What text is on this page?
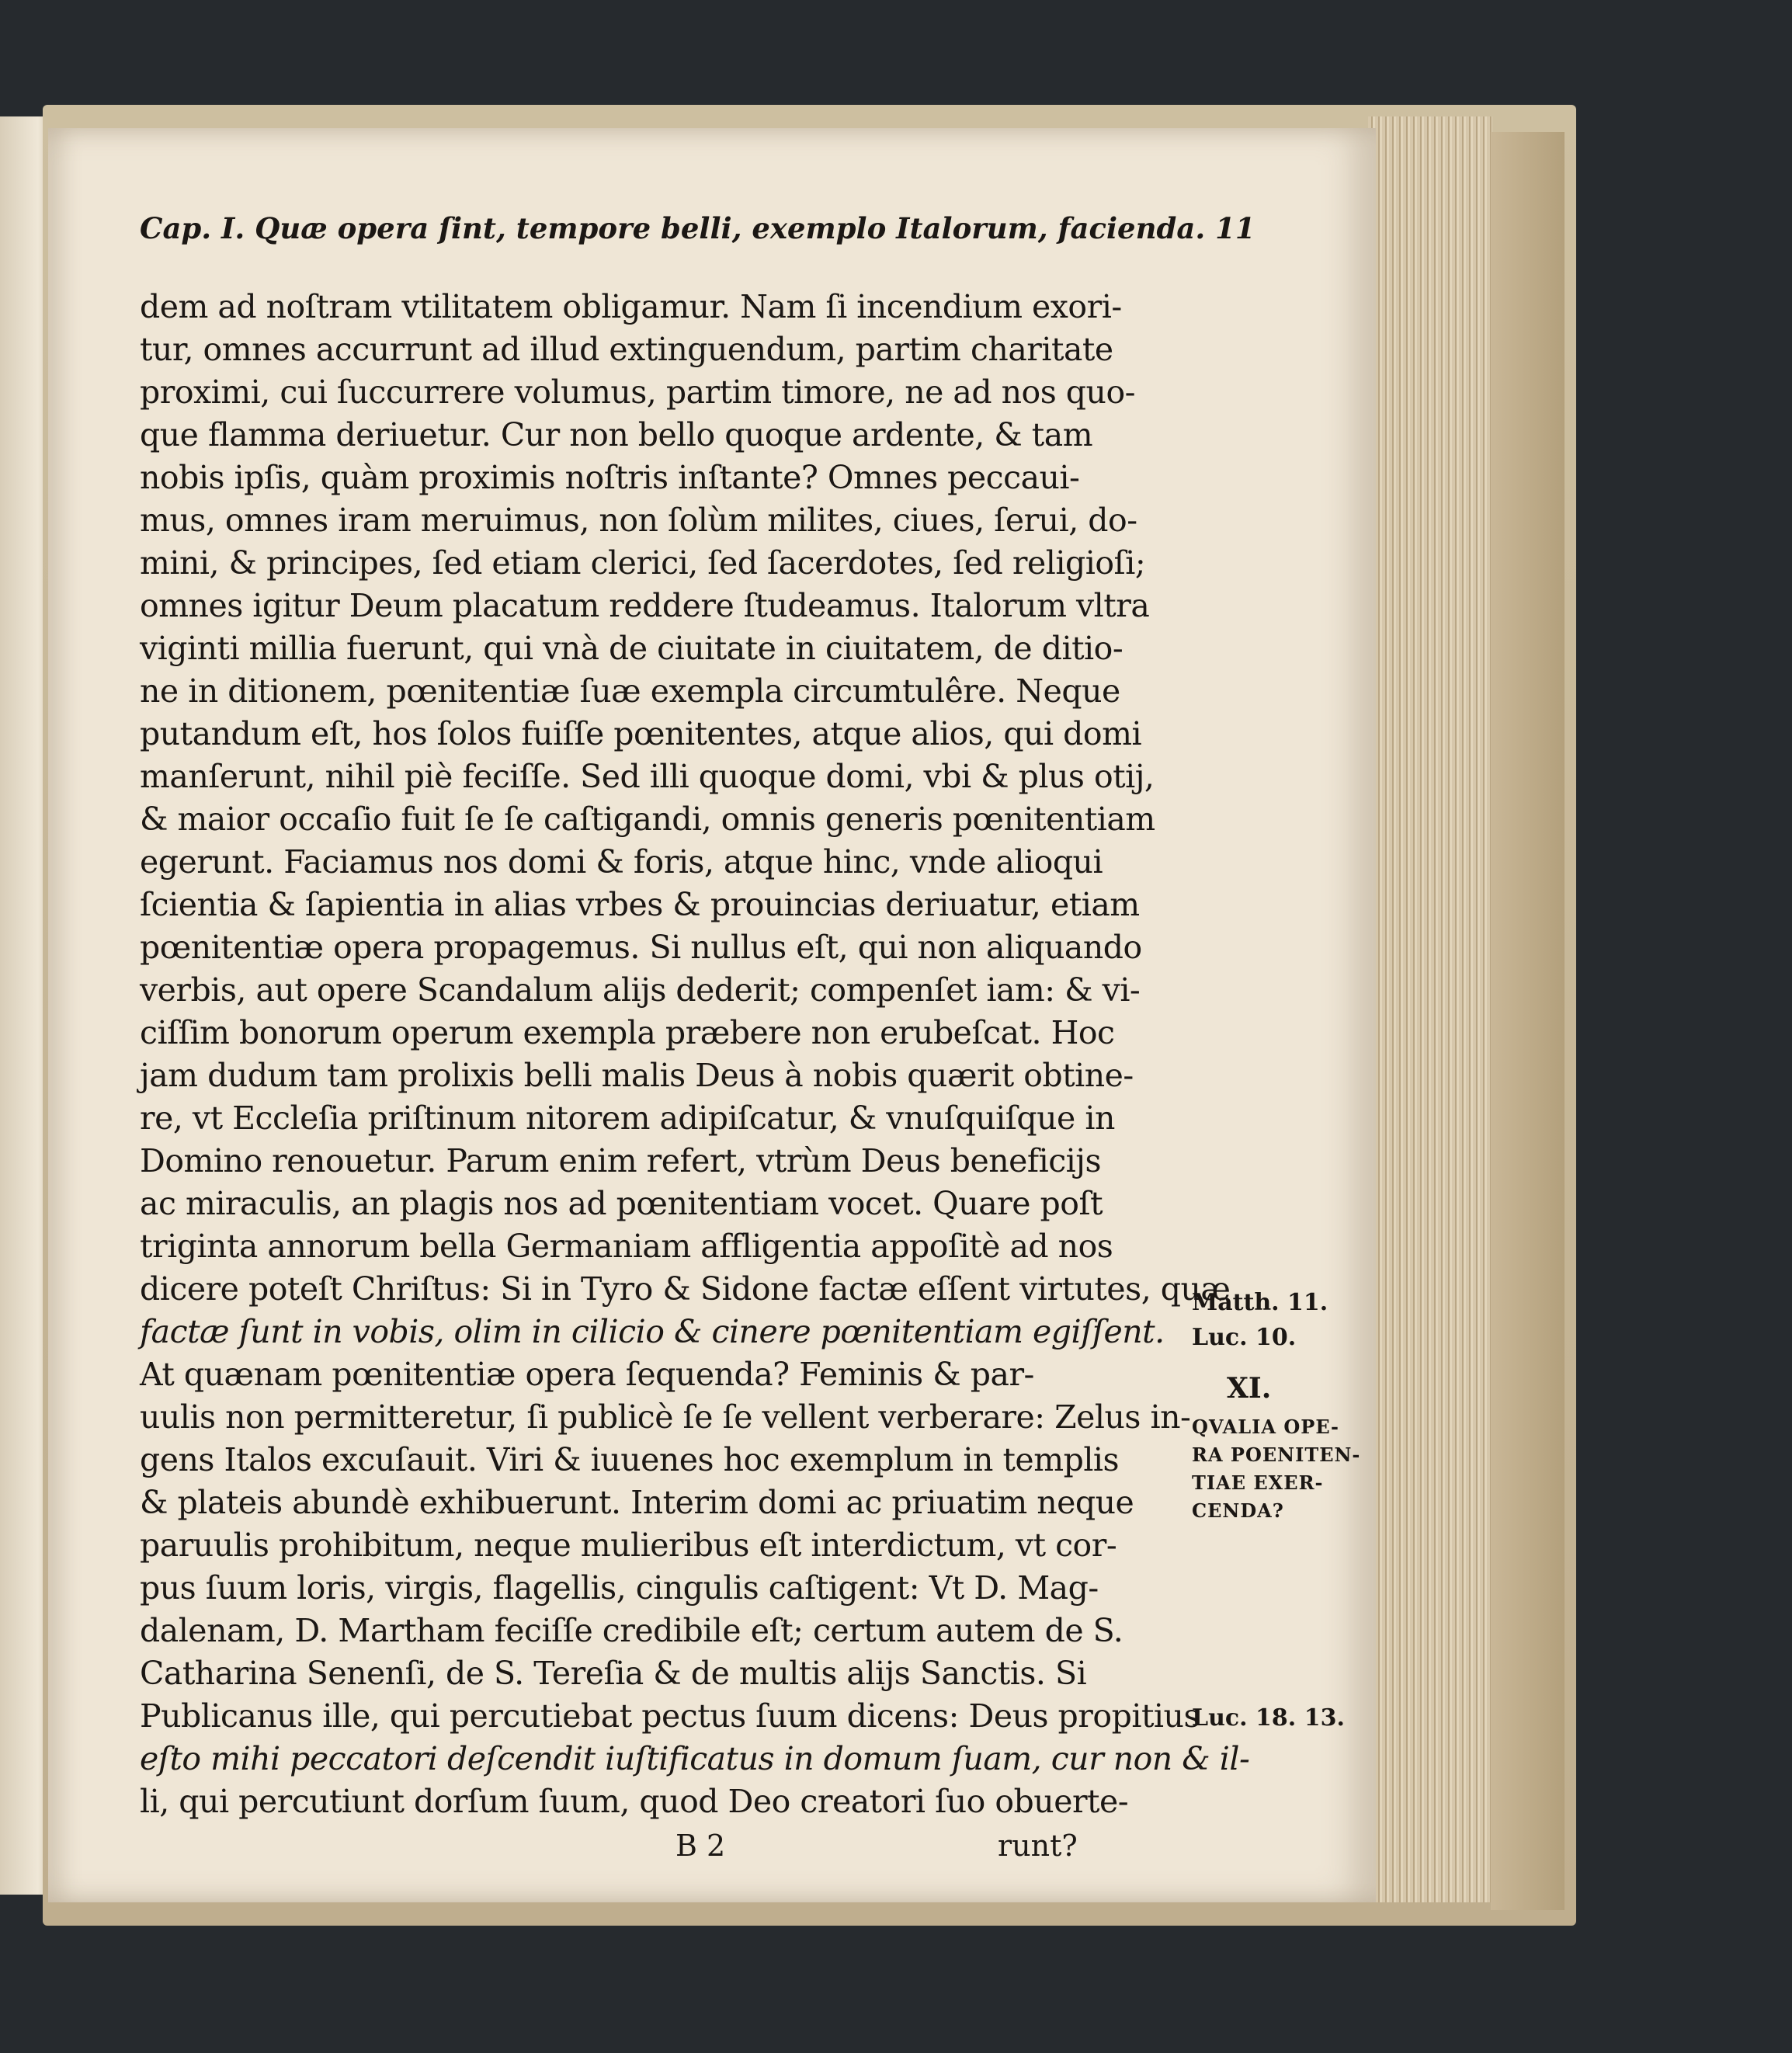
Cap. I. Quæ opera ſint, tempore belli, exemplo Italorum, facienda. 11
dem ad noſtram vtilitatem obligamur. Nam ſi incendium exori-
tur, omnes accurrunt ad illud extinguendum, partim charitate
proximi, cui ſuccurrere volumus, partim timore, ne ad nos quo-
que flamma deriuetur. Cur non bello quoque ardente, & tam
nobis ipſis, quàm proximis noſtris inſtante? Omnes peccaui-
mus, omnes iram meruimus, non ſolùm milites, ciues, ſerui, do-
mini, & principes, ſed etiam clerici, ſed ſacerdotes, ſed religioſi;
omnes igitur Deum placatum reddere ſtudeamus. Italorum vltra
viginti millia fuerunt, qui vnà de ciuitate in ciuitatem, de ditio-
ne in ditionem, pœnitentiæ ſuæ exempla circumtulêre. Neque
putandum eſt, hos ſolos fuiſſe pœnitentes, atque alios, qui domi
manſerunt, nihil piè feciſſe. Sed illi quoque domi, vbi & plus otij,
& maior occaſio fuit ſe ſe caſtigandi, omnis generis pœnitentiam
egerunt. Faciamus nos domi & foris, atque hinc, vnde alioqui
ſcientia & ſapientia in alias vrbes & prouincias deriuatur, etiam
pœnitentiæ opera propagemus. Si nullus eſt, qui non aliquando
verbis, aut opere Scandalum alijs dederit; compenſet iam: & vi-
ciſſim bonorum operum exempla præbere non erubeſcat. Hoc
jam dudum tam prolixis belli malis Deus à nobis quærit obtine-
re, vt Eccleſia priſtinum nitorem adipiſcatur, & vnuſquiſque in
Domino renouetur. Parum enim refert, vtrùm Deus beneficijs
ac miraculis, an plagis nos ad pœnitentiam vocet. Quare poſt
triginta annorum bella Germaniam affligentia appoſitè ad nos
dicere poteſt Chriſtus: Si in Tyro & Sidone factæ eſſent virtutes, quæ
factæ ſunt in vobis, olim in cilicio & cinere pœnitentiam egiſſent.
At quænam pœnitentiæ opera ſequenda? Feminis & par-
uulis non permitteretur, ſi publicè ſe ſe vellent verberare: Zelus in-
gens Italos excuſauit. Viri & iuuenes hoc exemplum in templis
& plateis abundè exhibuerunt. Interim domi ac priuatim neque
paruulis prohibitum, neque mulieribus eſt interdictum, vt cor-
pus ſuum loris, virgis, flagellis, cingulis caſtigent: Vt D. Mag-
dalenam, D. Martham feciſſe credibile eſt; certum autem de S.
Catharina Senenſi, de S. Tereſia & de multis alijs Sanctis. Si
Publicanus ille, qui percutiebat pectus ſuum dicens: Deus propitius
eſto mihi peccatori deſcendit iuſtificatus in domum ſuam, cur non & il-
li, qui percutiunt dorſum ſuum, quod Deo creatori ſuo obuerte-
Matth. 11.
Luc. 10.
XI.
QVALIA OPE-
RA POENITEN-
TIAE EXER-
CENDA?
Luc. 18. 13.
B 2	runt?
